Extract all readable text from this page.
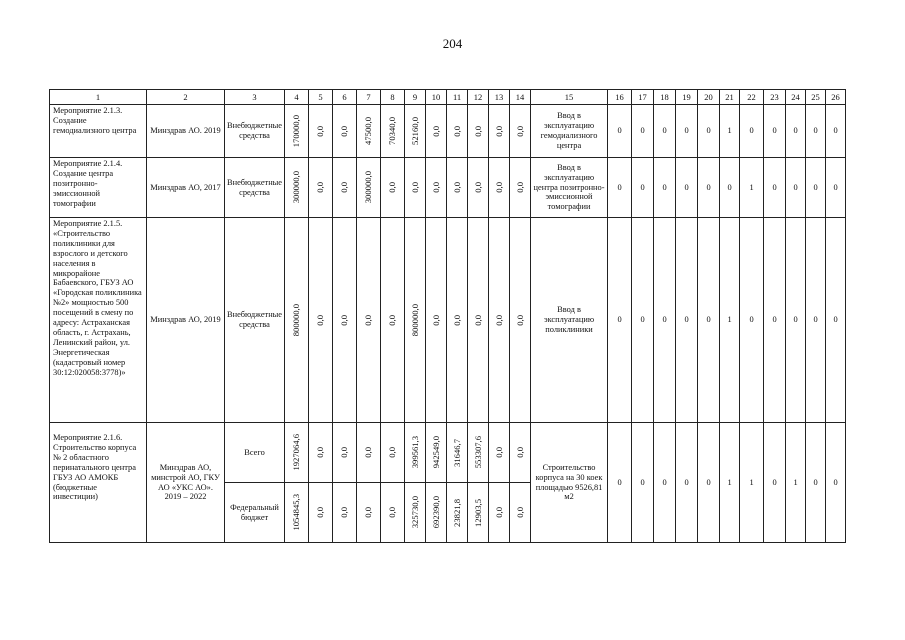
204
1	2	3	4	5	6	7	8	9	10	11	12	13	14	15	16	17	18	19	20	21	22	23	24	25	26
Мероприятие 2.1.3. Создание гемодиализного центра	Минздрав АО. 2019	Внебюджетные средства	170000,0	0,0	0,0	47500,0	70340,0	52160,0	0,0	0,0	0,0	0,0	0,0	Ввод в эксплуатацию гемодиализного центра	0	0	0	0	0	1	0	0	0	0	0
Мероприятие 2.1.4. Создание центра позитронно-эмиссионной томографии	Минздрав АО, 2017	Внебюджетные средства	300000,0	0,0	0,0	300000,0	0,0	0,0	0,0	0,0	0,0	0,0	0,0	Ввод в эксплуатацию центра позитронно-эмиссионной томографии	0	0	0	0	0	0	1	0	0	0	0
Мероприятие 2.1.5. «Строительство поликлиники для взрослого и детского населения в микрорайоне Бабаевского, ГБУЗ АО «Городская поликлиника №2» мощностью 500 посещений в смену по адресу: Астраханская область, г. Астрахань, Ленинский район, ул. Энергетическая (кадастровый номер 30:12:020058:3778)»	Минздрав АО, 2019	Внебюджетные средства	800000,0	0,0	0,0	0,0	0,0	800000,0	0,0	0,0	0,0	0,0	0,0	Ввод в эксплуатацию поликлиники	0	0	0	0	0	1	0	0	0	0	0
Мероприятие 2.1.6. Строительство корпуса № 2 областного перинатального центра ГБУЗ АО АМОКБ (бюджетные инвестиции)	Минздрав АО, минстрой АО, ГКУ АО «УКС АО». 2019 – 2022	Всего	1927064,6	0,0	0,0	0,0	0,0	399561,3	942549,0	31646,7	553307,6	0,0	0,0	Строительство корпуса на 30 коек площадью 9526,81 м2	0	0	0	0	0	1	1	0	1	0	0
		Федеральный бюджет	1054845,3	0,0	0,0	0,0	0,0	325730,0	692390,0	23821,8	12903,5	0,0	0,0												
